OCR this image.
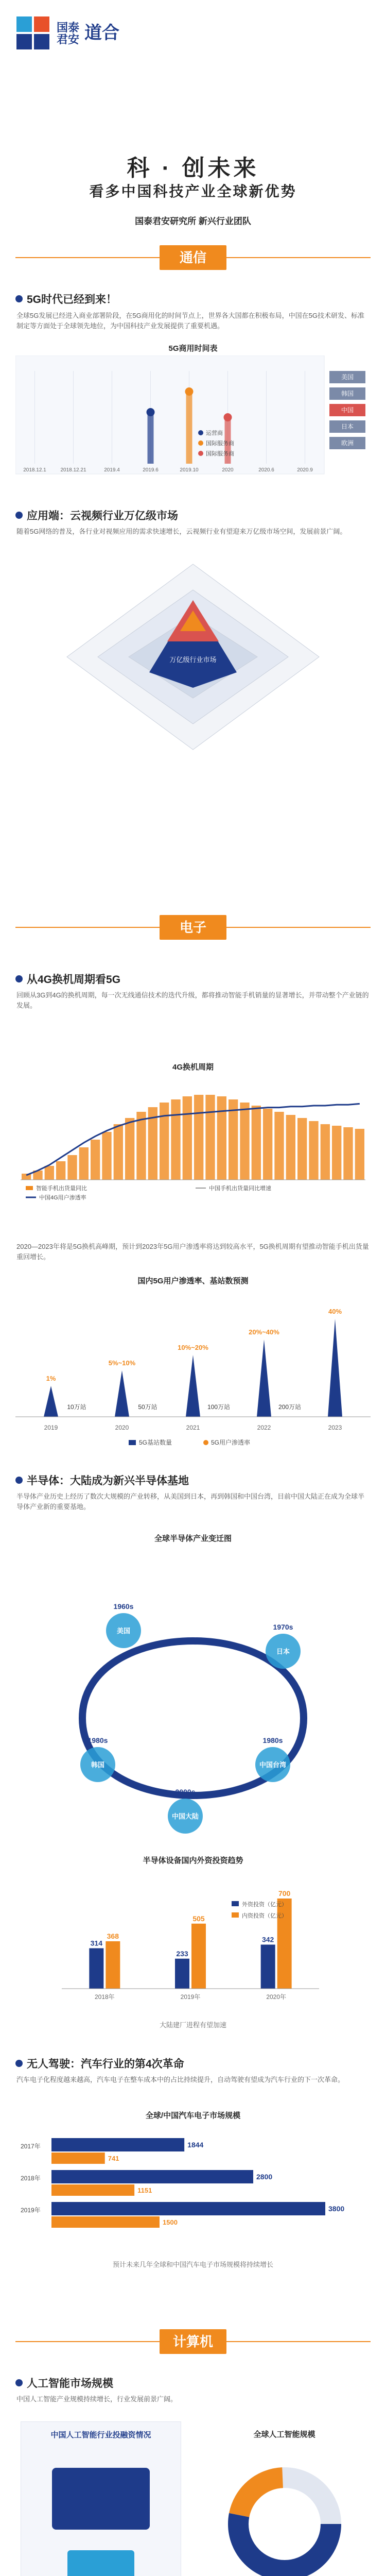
国泰
君安 道合
科 · 创未来
看多中国科技产业全球新优势
国泰君安研究所 新兴行业团队
通信
5G时代已经到来！
全球5G发展已经进入商业部署阶段，在5G商用化的时间节点上，世界各大国都在积极布局，中国在5G技术研发、标准制定等方面处于全球领先地位，为中国科技产业发展提供了重要机遇。
5G商用时间表
2018.12.1	2018.12.21	2019.4	2019.6	2019.10	2020	2020.6	2020.9
美国
韩国
中国
日本
欧洲
运营商
国际服务商
国际服务商
应用端：云视频行业万亿级市场
随着5G网络的普及，各行业对视频应用的需求快速增长，云视频行业有望迎来万亿级市场空间，发展前景广阔。
万亿级行业市场
电子
从4G换机周期看5G
回顾从3G到4G的换机周期，每一次无线通信技术的迭代升级，都将推动智能手机销量的显著增长，并带动整个产业链的发展。
4G换机周期
智能手机出货量同比	中国手机出货量同比增速
中国4G用户渗透率
2020—2023年将是5G换机高峰期，预计到2023年5G用户渗透率将达到较高水平，5G换机周期有望推动智能手机出货量重回增长。
国内5G用户渗透率、基站数预测
1%
10万站
5%~10%
50万站
10%~20%
100万站
20%~40%
200万站
40%
2019	2020	2021	2022	2023
5G基站数量	5G用户渗透率
半导体：大陆成为新兴半导体基地
半导体产业历史上经历了数次大规模的产业转移，从美国到日本，再到韩国和中国台湾，目前中国大陆正在成为全球半导体产业新的重要基地。
全球半导体产业变迁图
美国
1960s
日本
1970s
韩国
1980s
中国台湾
1980s
中国大陆
2000s
半导体设备国内外资投资趋势
314
368
233
505
342
700
2018年	2019年	2020年
外资投资（亿元）
内资投资（亿元）
大陆建厂进程有望加速
无人驾驶：汽车行业的第4次革命
汽车电子化程度越来越高，汽车电子在整车成本中的占比持续提升，自动驾驶有望成为汽车行业的下一次革命。
全球/中国汽车电子市场规模
2017年	1844
741
2018年	2800
1151
2019年	3800
1500
预计未来几年全球和中国汽车电子市场规模将持续增长
计算机
人工智能市场规模
中国人工智能产业规模持续增长，行业发展前景广阔。
中国人工智能行业投融资情况	全球人工智能规模
